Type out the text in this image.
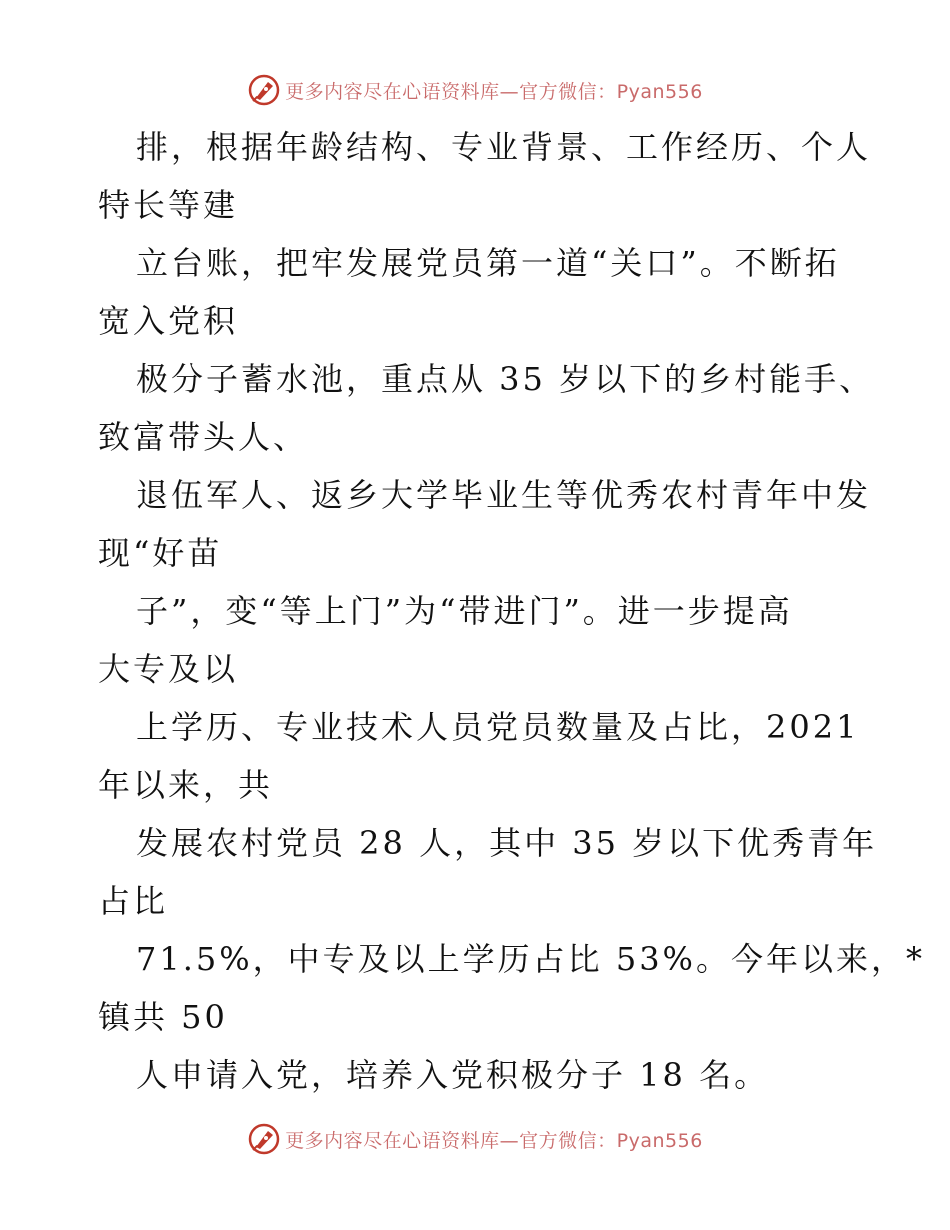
更多内容尽在心语资料库—官方微信：Pyan556
排，根据年龄结构、专业背景、工作经历、个人
特长等建
立台账，把牢发展党员第一道“关口”。不断拓
宽入党积
极分子蓄水池，重点从 35 岁以下的乡村能手、
致富带头人、
退伍军人、返乡大学毕业生等优秀农村青年中发
现“好苗
子”，变“等上门”为“带进门”。进一步提高
大专及以
上学历、专业技术人员党员数量及占比，2021
年以来，共
发展农村党员 28 人，其中 35 岁以下优秀青年
占比
71.5%，中专及以上学历占比 53%。今年以来，*
镇共 50
人申请入党，培养入党积极分子 18 名。
更多内容尽在心语资料库—官方微信：Pyan556
